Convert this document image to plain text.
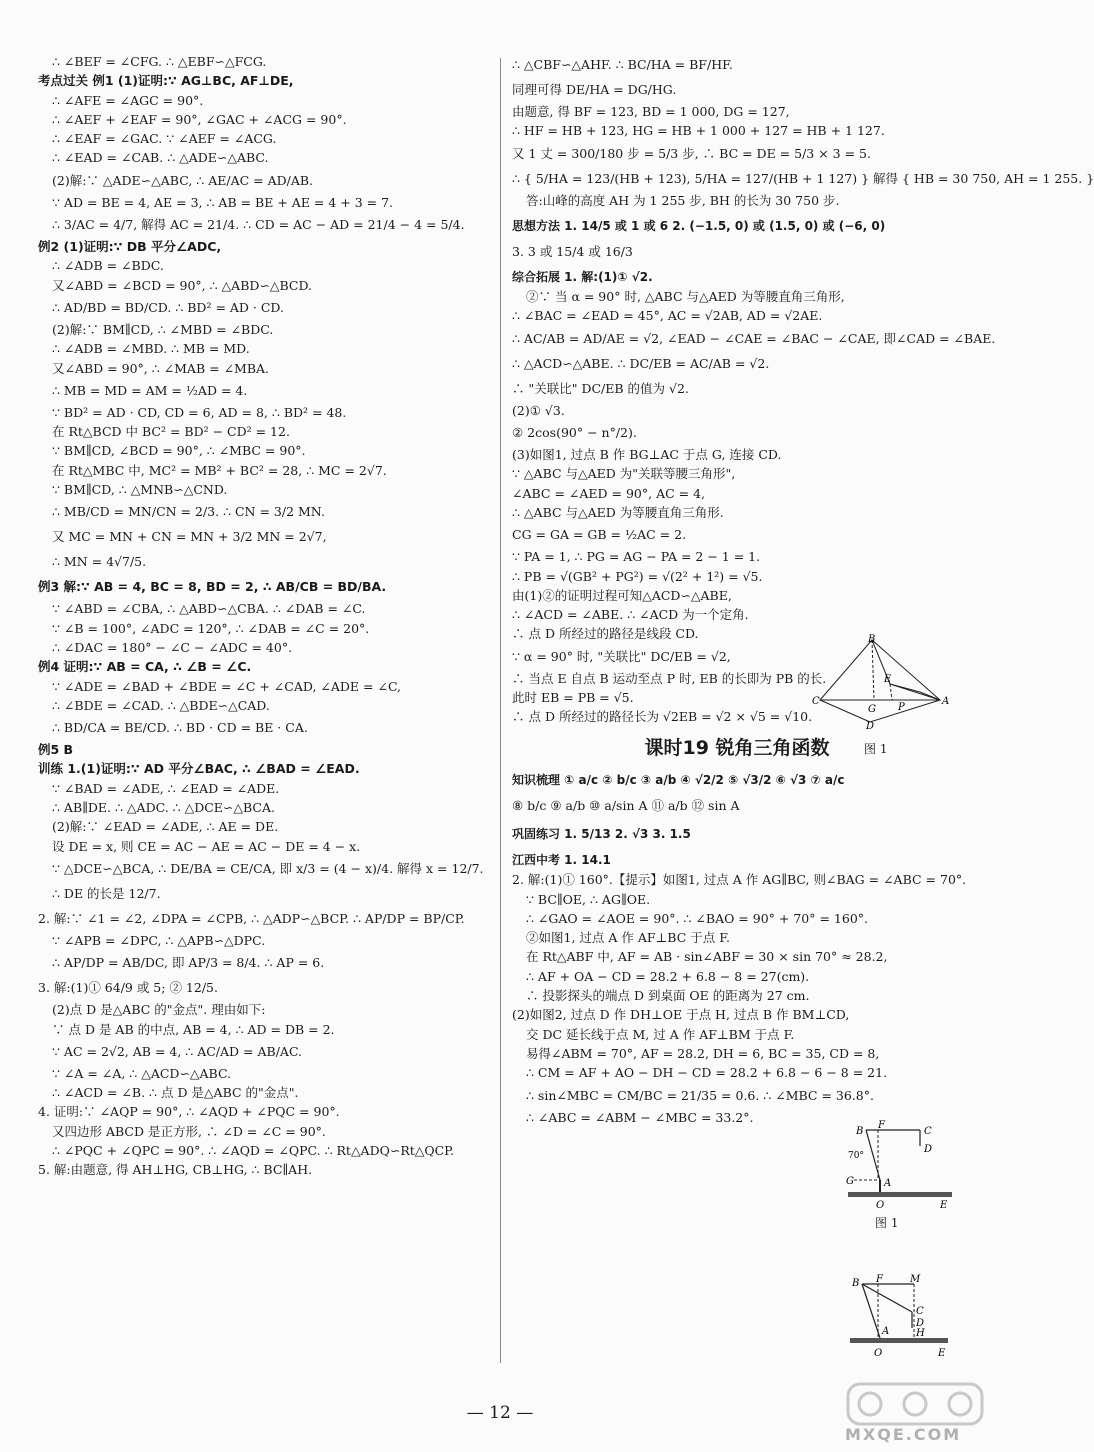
∴ ∠BEF = ∠CFG. ∴ △EBF∽△FCG.
考点过关 例1 (1)证明:∵ AG⊥BC, AF⊥DE,
∴ ∠AFE = ∠AGC = 90°.
∴ ∠AEF + ∠EAF = 90°, ∠GAC + ∠ACG = 90°.
∴ ∠EAF = ∠GAC. ∵ ∠AEF = ∠ACG.
∴ ∠EAD = ∠CAB. ∴ △ADE∽△ABC.
(2)解:∵ △ADE∽△ABC, ∴ AE/AC = AD/AB.
∵ AD = BE = 4, AE = 3, ∴ AB = BE + AE = 4 + 3 = 7.
∴ 3/AC = 4/7, 解得 AC = 21/4. ∴ CD = AC − AD = 21/4 − 4 = 5/4.
例2 (1)证明:∵ DB 平分∠ADC,
∴ ∠ADB = ∠BDC.
又∠ABD = ∠BCD = 90°, ∴ △ABD∽△BCD.
∴ AD/BD = BD/CD. ∴ BD² = AD · CD.
(2)解:∵ BM∥CD, ∴ ∠MBD = ∠BDC.
∴ ∠ADB = ∠MBD. ∴ MB = MD.
又∠ABD = 90°, ∴ ∠MAB = ∠MBA.
∴ MB = MD = AM = ½AD = 4.
∵ BD² = AD · CD, CD = 6, AD = 8, ∴ BD² = 48.
在 Rt△BCD 中 BC² = BD² − CD² = 12.
∵ BM∥CD, ∠BCD = 90°, ∴ ∠MBC = 90°.
在 Rt△MBC 中, MC² = MB² + BC² = 28, ∴ MC = 2√7.
∵ BM∥CD, ∴ △MNB∽△CND.
∴ MB/CD = MN/CN = 2/3. ∴ CN = 3/2 MN.
又 MC = MN + CN = MN + 3/2 MN = 2√7,
∴ MN = 4√7/5.
例3 解:∵ AB = 4, BC = 8, BD = 2, ∴ AB/CB = BD/BA.
∵ ∠ABD = ∠CBA, ∴ △ABD∽△CBA. ∴ ∠DAB = ∠C.
∵ ∠B = 100°, ∠ADC = 120°, ∴ ∠DAB = ∠C = 20°.
∴ ∠DAC = 180° − ∠C − ∠ADC = 40°.
例4 证明:∵ AB = CA, ∴ ∠B = ∠C.
∵ ∠ADE = ∠BAD + ∠BDE = ∠C + ∠CAD, ∠ADE = ∠C,
∴ ∠BDE = ∠CAD. ∴ △BDE∽△CAD.
∴ BD/CA = BE/CD. ∴ BD · CD = BE · CA.
例5 B
训练 1.(1)证明:∵ AD 平分∠BAC, ∴ ∠BAD = ∠EAD.
∵ ∠BAD = ∠ADE, ∴ ∠EAD = ∠ADE.
∴ AB∥DE. ∴ △ADC. ∴ △DCE∽△BCA.
(2)解:∵ ∠EAD = ∠ADE, ∴ AE = DE.
设 DE = x, 则 CE = AC − AE = AC − DE = 4 − x.
∵ △DCE∽△BCA, ∴ DE/BA = CE/CA, 即 x/3 = (4 − x)/4. 解得 x = 12/7.
∴ DE 的长是 12/7.
2. 解:∵ ∠1 = ∠2, ∠DPA = ∠CPB, ∴ △ADP∽△BCP. ∴ AP/DP = BP/CP.
∵ ∠APB = ∠DPC, ∴ △APB∽△DPC.
∴ AP/DP = AB/DC, 即 AP/3 = 8/4. ∴ AP = 6.
3. 解:(1)① 64/9 或 5; ② 12/5.
(2)点 D 是△ABC 的"金点". 理由如下:
∵ 点 D 是 AB 的中点, AB = 4, ∴ AD = DB = 2.
∵ AC = 2√2, AB = 4, ∴ AC/AD = AB/AC.
∵ ∠A = ∠A, ∴ △ACD∽△ABC.
∴ ∠ACD = ∠B. ∴ 点 D 是△ABC 的"金点".
4. 证明:∵ ∠AQP = 90°, ∴ ∠AQD + ∠PQC = 90°.
又四边形 ABCD 是正方形, ∴ ∠D = ∠C = 90°.
∴ ∠PQC + ∠QPC = 90°. ∴ ∠AQD = ∠QPC. ∴ Rt△ADQ∽Rt△QCP.
5. 解:由题意, 得 AH⊥HG, CB⊥HG, ∴ BC∥AH.
∴ △CBF∽△AHF. ∴ BC/HA = BF/HF.
同理可得 DE/HA = DG/HG.
由题意, 得 BF = 123, BD = 1 000, DG = 127,
∴ HF = HB + 123, HG = HB + 1 000 + 127 = HB + 1 127.
又 1 丈 = 300/180 步 = 5/3 步, ∴ BC = DE = 5/3 × 3 = 5.
∴ { 5/HA = 123/(HB + 123), 5/HA = 127/(HB + 1 127) } 解得 { HB = 30 750, AH = 1 255. }
答:山峰的高度 AH 为 1 255 步, BH 的长为 30 750 步.
思想方法 1. 14/5 或 1 或 6 2. (−1.5, 0) 或 (1.5, 0) 或 (−6, 0)
3. 3 或 15/4 或 16/3
综合拓展 1. 解:(1)① √2.
②∵ 当 α = 90° 时, △ABC 与△AED 为等腰直角三角形,
∴ ∠BAC = ∠EAD = 45°, AC = √2AB, AD = √2AE.
∴ AC/AB = AD/AE = √2, ∠EAD − ∠CAE = ∠BAC − ∠CAE, 即∠CAD = ∠BAE.
∴ △ACD∽△ABE. ∴ DC/EB = AC/AB = √2.
∴ "关联比" DC/EB 的值为 √2.
(2)① √3.
② 2cos(90° − n°/2).
(3)如图1, 过点 B 作 BG⊥AC 于点 G, 连接 CD.
∵ △ABC 与△AED 为"关联等腰三角形",
∠ABC = ∠AED = 90°, AC = 4,
∴ △ABC 与△AED 为等腰直角三角形.
CG = GA = GB = ½AC = 2.
∵ PA = 1, ∴ PG = AG − PA = 2 − 1 = 1.
∴ PB = √(GB² + PG²) = √(2² + 1²) = √5.
由(1)②的证明过程可知△ACD∽△ABE,
∴ ∠ACD = ∠ABE. ∴ ∠ACD 为一个定角.
∴ 点 D 所经过的路径是线段 CD.
∵ α = 90° 时, "关联比" DC/EB = √2,
∴ 当点 E 自点 B 运动至点 P 时, EB 的长即为 PB 的长.
此时 EB = PB = √5.
∴ 点 D 所经过的路径长为 √2EB = √2 × √5 = √10.
课时19 锐角三角函数
知识梳理 ① a/c ② b/c ③ a/b ④ √2/2 ⑤ √3/2 ⑥ √3 ⑦ a/c
⑧ b/c ⑨ a/b ⑩ a/sin A ⑪ a/b ⑫ sin A
巩固练习 1. 5/13 2. √3 3. 1.5
江西中考 1. 14.1
2. 解:(1)① 160°.【提示】如图1, 过点 A 作 AG∥BC, 则∠BAG = ∠ABC = 70°.
∵ BC∥OE, ∴ AG∥OE.
∴ ∠GAO = ∠AOE = 90°. ∴ ∠BAO = 90° + 70° = 160°.
②如图1, 过点 A 作 AF⊥BC 于点 F.
在 Rt△ABF 中, AF = AB · sin∠ABF = 30 × sin 70° ≈ 28.2,
∴ AF + OA − CD = 28.2 + 6.8 − 8 = 27(cm).
∴ 投影探头的端点 D 到桌面 OE 的距离为 27 cm.
(2)如图2, 过点 D 作 DH⊥OE 于点 H, 过点 B 作 BM⊥CD,
交 DC 延长线于点 M, 过 A 作 AF⊥BM 于点 F.
易得∠ABM = 70°, AF = 28.2, DH = 6, BC = 35, CD = 8,
∴ CM = AF + AO − DH − CD = 28.2 + 6.8 − 6 − 8 = 21.
∴ sin∠MBC = CM/BC = 21/35 = 0.6. ∴ ∠MBC = 36.8°.
∴ ∠ABC = ∠ABM − ∠MBC = 33.2°.
B
E
C
G P
A
D
图 1
B
F
C
D
70°
G	A
O	E
图 1
B F	M
C
D
H
A
O	E
— 12 —
MXQE.COM
